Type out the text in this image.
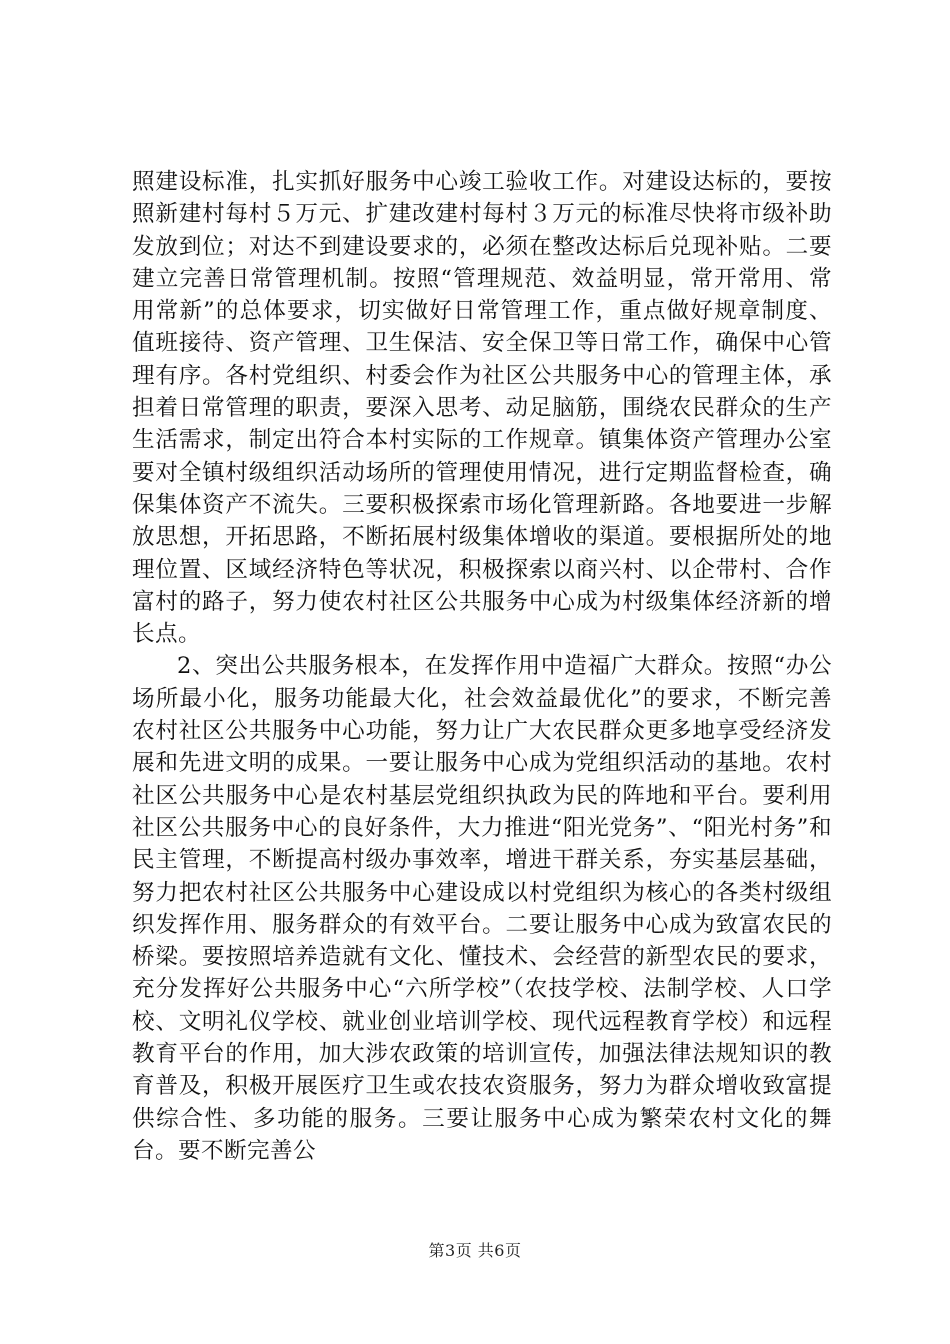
照建设标准，扎实抓好服务中心竣工验收工作。对建设达标的，要按照新建村每村５万元、扩建改建村每村３万元的标准尽快将市级补助发放到位；对达不到建设要求的，必须在整改达标后兑现补贴。二要建立完善日常管理机制。按照“管理规范、效益明显，常开常用、常用常新”的总体要求，切实做好日常管理工作，重点做好规章制度、值班接待、资产管理、卫生保洁、安全保卫等日常工作，确保中心管理有序。各村党组织、村委会作为社区公共服务中心的管理主体，承担着日常管理的职责，要深入思考、动足脑筋，围绕农民群众的生产生活需求，制定出符合本村实际的工作规章。镇集体资产管理办公室要对全镇村级组织活动场所的管理使用情况，进行定期监督检查，确保集体资产不流失。三要积极探索市场化管理新路。各地要进一步解放思想，开拓思路，不断拓展村级集体增收的渠道。要根据所处的地理位置、区域经济特色等状况，积极探索以商兴村、以企带村、合作富村的路子，努力使农村社区公共服务中心成为村级集体经济新的增长点。

2、突出公共服务根本，在发挥作用中造福广大群众。按照“办公场所最小化，服务功能最大化，社会效益最优化”的要求，不断完善农村社区公共服务中心功能，努力让广大农民群众更多地享受经济发展和先进文明的成果。一要让服务中心成为党组织活动的基地。农村社区公共服务中心是农村基层党组织执政为民的阵地和平台。要利用社区公共服务中心的良好条件，大力推进“阳光党务”、“阳光村务”和民主管理，不断提高村级办事效率，增进干群关系，夯实基层基础，努力把农村社区公共服务中心建设成以村党组织为核心的各类村级组织发挥作用、服务群众的有效平台。二要让服务中心成为致富农民的桥梁。要按照培养造就有文化、懂技术、会经营的新型农民的要求，充分发挥好公共服务中心“六所学校”（农技学校、法制学校、人口学校、文明礼仪学校、就业创业培训学校、现代远程教育学校）和远程教育平台的作用，加大涉农政策的培训宣传，加强法律法规知识的教育普及，积极开展医疗卫生或农技农资服务，努力为群众增收致富提供综合性、多功能的服务。三要让服务中心成为繁荣农村文化的舞台。要不断完善公

第3页 共6页
